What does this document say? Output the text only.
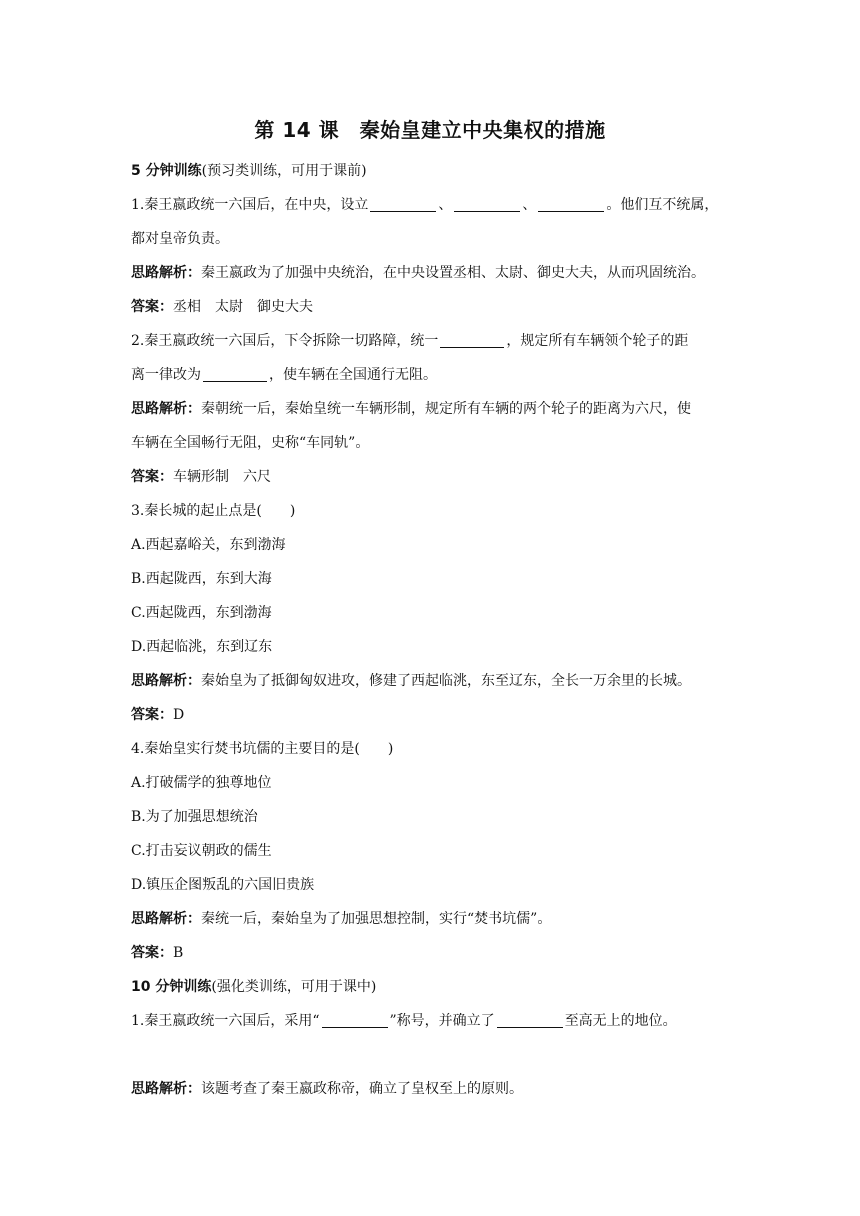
第 14 课　秦始皇建立中央集权的措施

5 分钟训练(预习类训练，可用于课前)

1.秦王嬴政统一六国后，在中央，设立	、	、	。他们互不统属，

都对皇帝负责。

思路解析：秦王嬴政为了加强中央统治，在中央设置丞相、太尉、御史大夫，从而巩固统治。

答案：丞相　太尉　御史大夫

2.秦王嬴政统一六国后，下令拆除一切路障，统一	，规定所有车辆领个轮子的距

离一律改为	，使车辆在全国通行无阻。

思路解析：秦朝统一后，秦始皇统一车辆形制，规定所有车辆的两个轮子的距离为六尺，使

车辆在全国畅行无阻，史称“车同轨”。

答案：车辆形制　六尺

3.秦长城的起止点是(　　)

A.西起嘉峪关，东到渤海

B.西起陇西，东到大海

C.西起陇西，东到渤海

D.西起临洮，东到辽东

思路解析：秦始皇为了抵御匈奴进攻，修建了西起临洮，东至辽东，全长一万余里的长城。

答案：D

4.秦始皇实行焚书坑儒的主要目的是(　　)

A.打破儒学的独尊地位

B.为了加强思想统治

C.打击妄议朝政的儒生

D.镇压企图叛乱的六国旧贵族

思路解析：秦统一后，秦始皇为了加强思想控制，实行“焚书坑儒”。

答案：B

10 分钟训练(强化类训练，可用于课中)

1.秦王嬴政统一六国后，采用“	”称号，并确立了	至高无上的地位。

思路解析：该题考查了秦王嬴政称帝，确立了皇权至上的原则。
